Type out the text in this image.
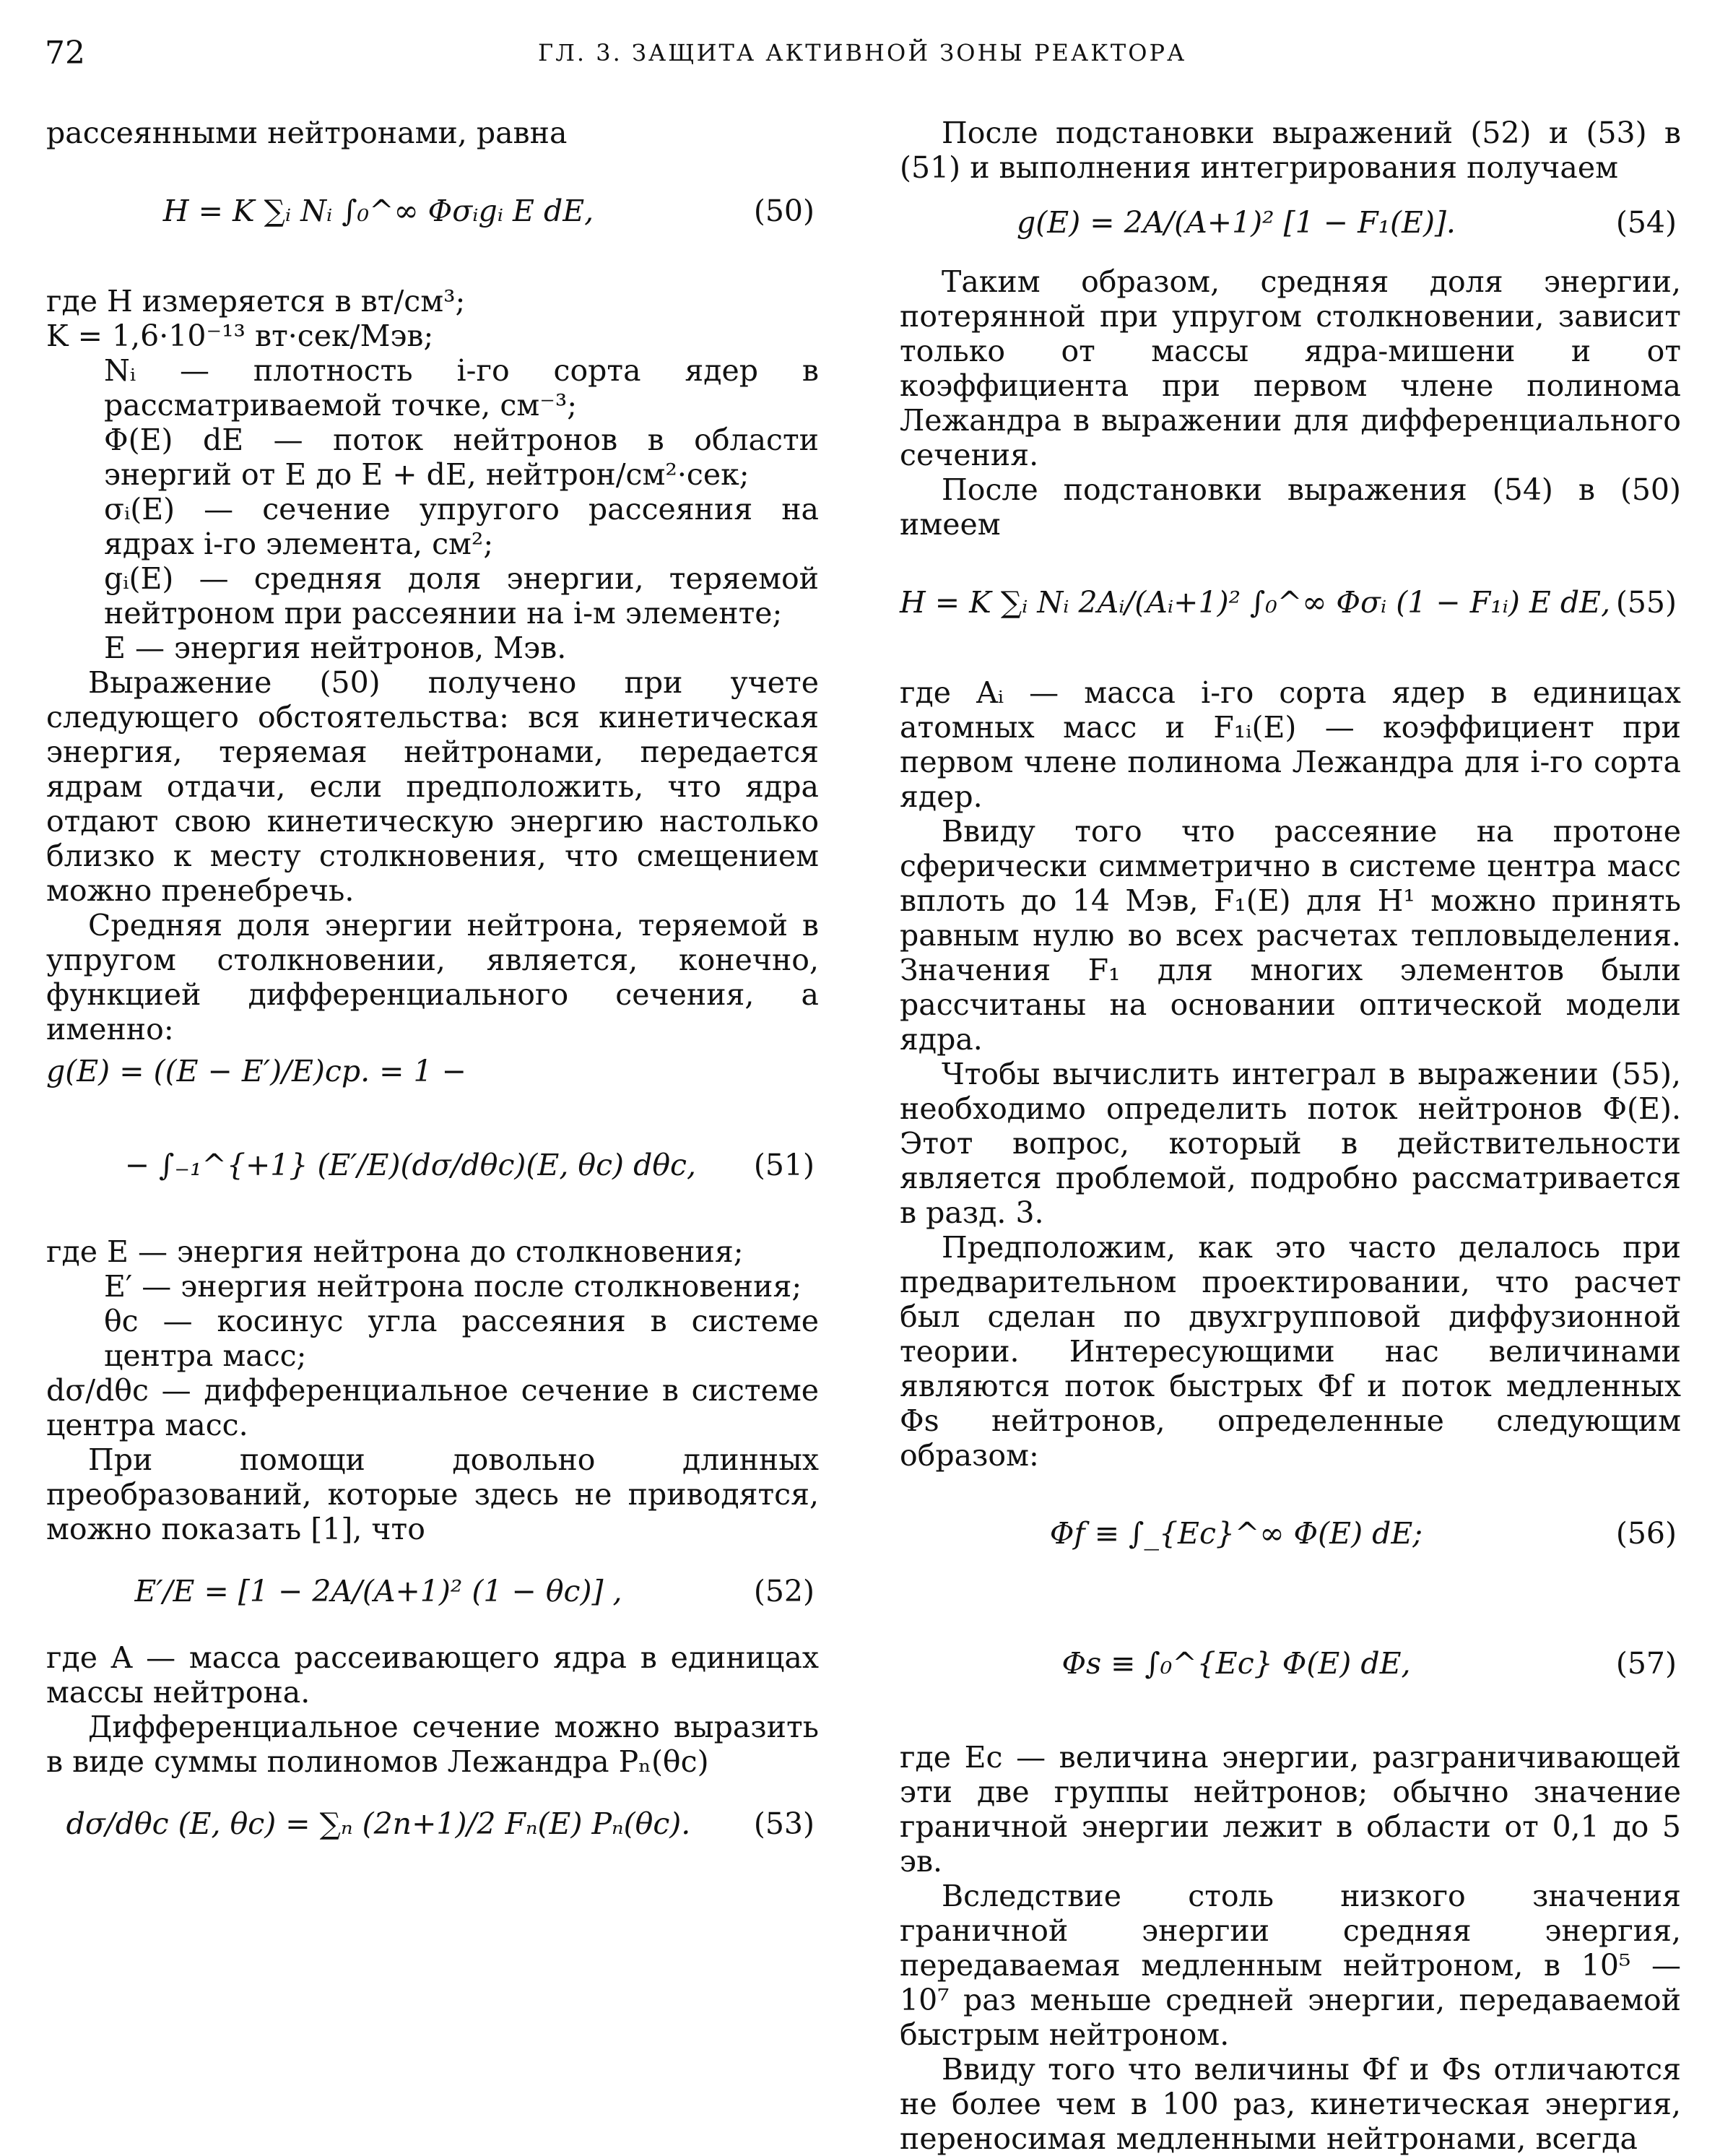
72	ГЛ. 3. ЗАЩИТА АКТИВНОЙ ЗОНЫ РЕАКТОРА

рассеянными нейтронами, равна

H = K ∑ᵢ Nᵢ ∫₀^∞ Φσᵢgᵢ E dE,	(50)

где H измеряется в вт/см³;

K = 1,6·10⁻¹³ вт·сек/Мэв;

Nᵢ — плотность i-го сорта ядер в рассматриваемой точке, см⁻³;

Φ(E) dE — поток нейтронов в области энергий от E до E + dE, нейтрон/см²·сек;

σᵢ(E) — сечение упругого рассеяния на ядрах i-го элемента, см²;

gᵢ(E) — средняя доля энергии, теряемой нейтроном при рассеянии на i-м элементе;

E — энергия нейтронов, Мэв.

Выражение (50) получено при учете следующего обстоятельства: вся кинетическая энергия, теряемая нейтронами, передается ядрам отдачи, если предположить, что ядра отдают свою кинетическую энергию настолько близко к месту столкновения, что смещением можно пренебречь.

Средняя доля энергии нейтрона, теряемой в упругом столкновении, является, конечно, функцией дифференциального сечения, а именно:

g(E) = ((E − E′)/E)ср. = 1 −
− ∫₋₁^{+1} (E′/E)(dσ/dθc)(E, θc) dθc, (51)

где E — энергия нейтрона до столкновения;

E′ — энергия нейтрона после столкновения;

θc — косинус угла рассеяния в системе центра масс;

dσ/dθc — дифференциальное сечение в системе центра масс.

При помощи довольно длинных преобразований, которые здесь не приводятся, можно показать [1], что

E′/E = [1 − 2A/(A+1)² (1 − θc)] ,	(52)

где A — масса рассеивающего ядра в единицах массы нейтрона.

Дифференциальное сечение можно выразить в виде суммы полиномов Лежандра Pₙ(θc)

dσ/dθc (E, θc) = ∑ₙ (2n+1)/2 Fₙ(E) Pₙ(θc).	(53)

После подстановки выражений (52) и (53) в (51) и выполнения интегрирования получаем

g(E) = 2A/(A+1)² [1 − F₁(E)].	(54)

Таким образом, средняя доля энергии, потерянной при упругом столкновении, зависит только от массы ядра-мишени и от коэффициента при первом члене полинома Лежандра в выражении для дифференциального сечения.

После подстановки выражения (54) в (50) имеем

H = K ∑ᵢ Nᵢ 2Aᵢ/(Aᵢ+1)² ∫₀^∞ Φσᵢ (1 − F₁ᵢ) E dE, (55)

где Aᵢ — масса i-го сорта ядер в единицах атомных масс и F₁ᵢ(E) — коэффициент при первом члене полинома Лежандра для i-го сорта ядер.

Ввиду того что рассеяние на протоне сферически симметрично в системе центра масс вплоть до 14 Мэв, F₁(E) для H¹ можно принять равным нулю во всех расчетах тепловыделения. Значения F₁ для многих элементов были рассчитаны на основании оптической модели ядра.

Чтобы вычислить интеграл в выражении (55), необходимо определить поток нейтронов Φ(E). Этот вопрос, который в действительности является проблемой, подробно рассматривается в разд. 3.

Предположим, как это часто делалось при предварительном проектировании, что расчет был сделан по двухгрупповой диффузионной теории. Интересующими нас величинами являются поток быстрых Φf и поток медленных Φs нейтронов, определенные следующим образом:

Φf ≡ ∫_{Ec}^∞ Φ(E) dE;	(56)
Φs ≡ ∫₀^{Ec} Φ(E) dE,	(57)

где Ec — величина энергии, разграничивающей эти две группы нейтронов; обычно значение граничной энергии лежит в области от 0,1 до 5 эв.

Вследствие столь низкого значения граничной энергии средняя энергия, передаваемая медленным нейтроном, в 10⁵ — 10⁷ раз меньше средней энергии, передаваемой быстрым нейтроном.

Ввиду того что величины Φf и Φs отличаются не более чем в 100 раз, кинетическая энергия, переносимая медленными нейтронами, всегда
